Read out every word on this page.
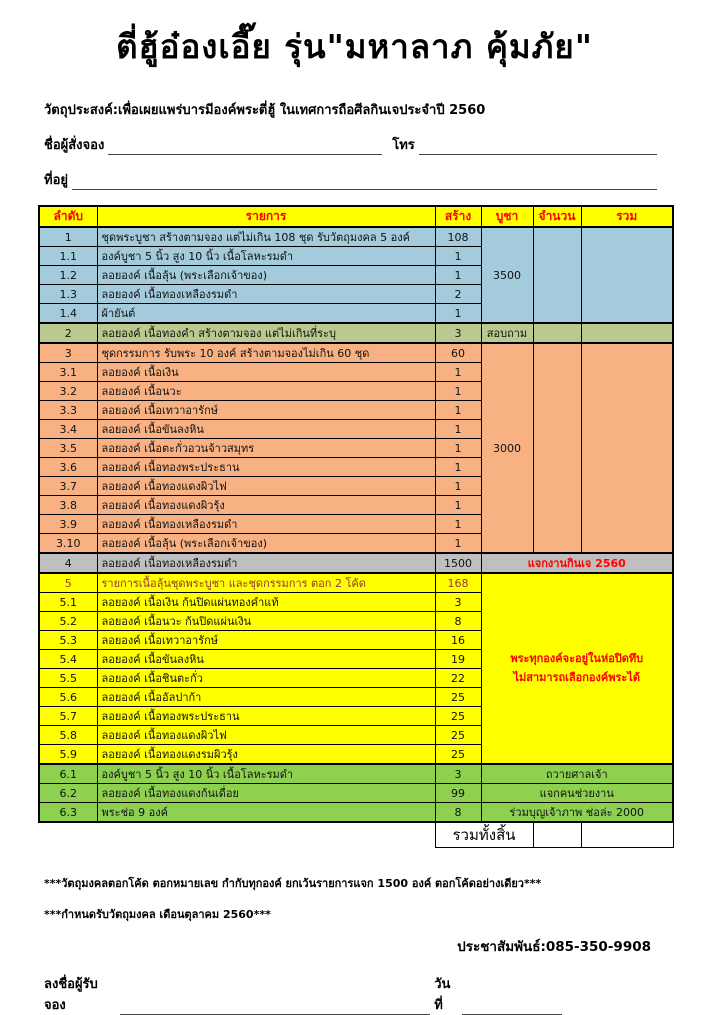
ตี่ฮู้อ๋องเอี๊ย รุ่น"มหาลาภ คุ้มภัย"
วัตถุประสงค์:เพื่อเผยแพร่บารมีองค์พระตี่ฮู้ ในเทศการถือศีลกินเจประจำปี 2560
ชื่อผู้สั่งจอง	โทร
ที่อยู่
ลำดับ	รายการ	สร้าง	บูชา	จำนวน	รวม
1	ชุดพระบูชา สร้างตามจอง แต่ไม่เกิน 108 ชุด รับวัตถุมงคล 5 องค์	108	3500		
1.1	องค์บูชา 5 นิ้ว สูง 10 นิ้ว เนื้อโลหะรมดำ	1			
1.2	ลอยองค์ เนื้อลุ้น (พระเลือกเจ้าของ)	1			
1.3	ลอยองค์ เนื้อทองเหลืองรมดำ	2			
1.4	ผ้ายันต์	1			
2	ลอยองค์ เนื้อทองคำ สร้างตามจอง แต่ไม่เกินที่ระบุ	3	สอบถาม		
3	ชุดกรรมการ รับพระ 10 องค์ สร้างตามจองไม่เกิน 60 ชุด	60	3000		
3.1	ลอยองค์ เนื้อเงิน	1			
3.2	ลอยองค์ เนื้อนวะ	1			
3.3	ลอยองค์ เนื้อเทวาอารักษ์	1			
3.4	ลอยองค์ เนื้อขันลงหิน	1			
3.5	ลอยองค์ เนื้อตะกั่วอวนจ้าวสมุทร	1			
3.6	ลอยองค์ เนื้อทองพระประธาน	1			
3.7	ลอยองค์ เนื้อทองแดงผิวไฟ	1			
3.8	ลอยองค์ เนื้อทองแดงผิวรุ้ง	1			
3.9	ลอยองค์ เนื้อทองเหลืองรมดำ	1			
3.10	ลอยองค์ เนื้อลุ้น (พระเลือกเจ้าของ)	1			
4	ลอยองค์ เนื้อทองเหลืองรมดำ	1500	แจกงานกินเจ 2560		
5	รายการเนื้อลุ้นชุดพระบูชา และชุดกรรมการ ตอก 2 โค้ด	168	พระทุกองค์จะอยู่ในห่อปิดทึบ
ไม่สามารถเลือกองค์พระได้		

5.1	ลอยองค์ เนื้อเงิน ก้นปิดแผ่นทองคำแท้	3			
5.2	ลอยองค์ เนื้อนวะ ก้นปิดแผ่นเงิน	8			
5.3	ลอยองค์ เนื้อเทวาอารักษ์	16			
5.4	ลอยองค์ เนื้อขันลงหิน	19			
5.5	ลอยองค์ เนื้อชินตะกั่ว	22			
5.6	ลอยองค์ เนื้ออัลปาก้า	25			
5.7	ลอยองค์ เนื้อทองพระประธาน	25			
5.8	ลอยองค์ เนื้อทองแดงผิวไฟ	25			
5.9	ลอยองค์ เนื้อทองแดงรมผิวรุ้ง	25			
6.1	องค์บูชา 5 นิ้ว สูง 10 นิ้ว เนื้อโลหะรมดำ	3	ถวายศาลเจ้า		
6.2	ลอยองค์ เนื้อทองแดงก้นเดื่อย	99	แจกคนช่วยงาน		
6.3	พระช่อ 9 องค์	8	ร่วมบุญเจ้าภาพ ช่อล่ะ 2000		
		รวมทั้งสิ้น			
***วัตถุมงคลตอกโค้ด ตอกหมายเลข กำกับทุกองค์ ยกเว้นรายการแจก 1500 องค์ ตอกโค้ดอย่างเดียว***
***กำหนดรับวัตถุมงคล เดือนตุลาคม 2560***
ประชาสัมพันธ์:085-350-9908
ลงชื่อผู้รับจอง
วันที่
